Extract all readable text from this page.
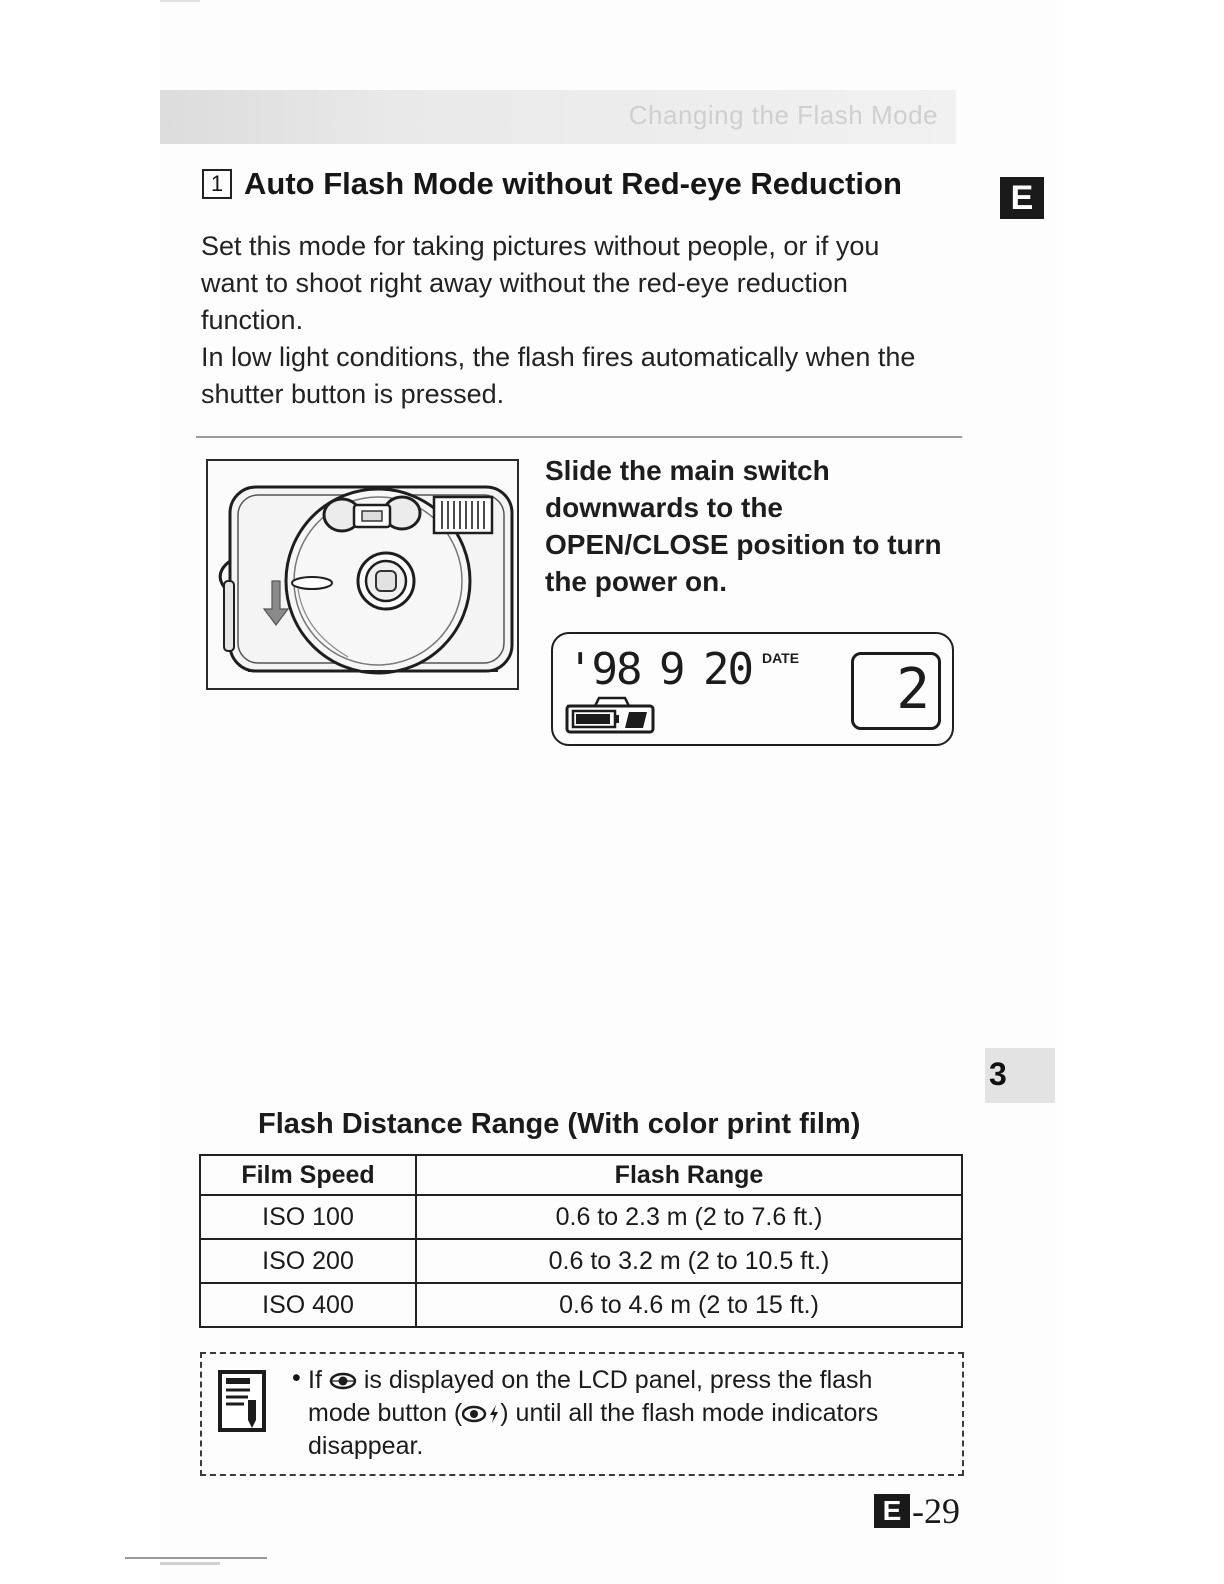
Changing the Flash Mode
E
1 Auto Flash Mode without Red-eye Reduction

Set this mode for taking pictures without people, or if you want to shoot right away without the red-eye reduction function.

In low light conditions, the flash fires automatically when the shutter button is pressed.

Slide the main switch downwards to the OPEN/CLOSE position to turn the power on.
'98 9 20 DATE	2
3
Flash Distance Range (With color print film)
Film Speed	Flash Range
ISO 100	0.6 to 2.3 m (2 to 7.6 ft.)
ISO 200	0.6 to 3.2 m (2 to 10.5 ft.)
ISO 400	0.6 to 4.6 m (2 to 15 ft.)
• If is displayed on the LCD panel, press the flash
mode button ( ) until all the flash mode indicators
disappear.
E -29
